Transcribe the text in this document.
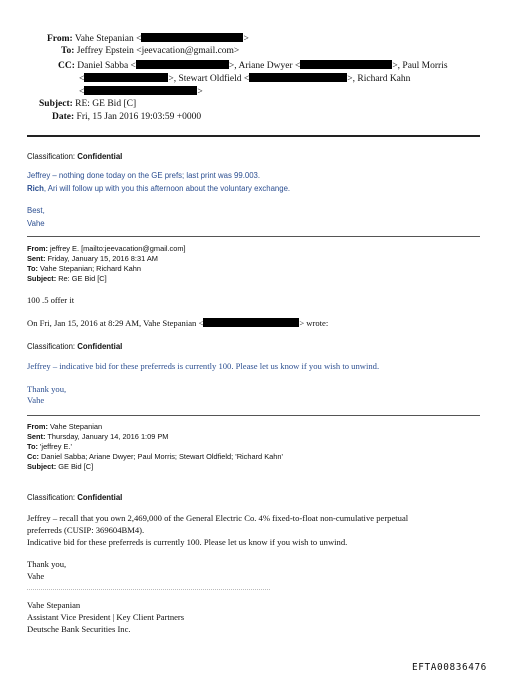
From: Vahe Stepanian <	>
To: Jeffrey Epstein <jeevacation@gmail.com>
CC: Daniel Sabba <	>, Ariane Dwyer <	>, Paul Morris
<	>, Stewart Oldfield <	>, Richard Kahn
<	>
Subject: RE: GE Bid [C]
Date: Fri, 15 Jan 2016 19:03:59 +0000
Classification: Confidential
Jeffrey – nothing done today on the GE prefs; last print was 99.003.
Rich, Ari will follow up with you this afternoon about the voluntary exchange.
Best,
Vahe
From: jeffrey E. [mailto:jeevacation@gmail.com]
Sent: Friday, January 15, 2016 8:31 AM
To: Vahe Stepanian; Richard Kahn
Subject: Re: GE Bid [C]
100 .5 offer it
On Fri, Jan 15, 2016 at 8:29 AM, Vahe Stepanian <	> wrote:
Classification: Confidential
Jeffrey – indicative bid for these preferreds is currently 100. Please let us know if you wish to unwind.
Thank you,
Vahe
From: Vahe Stepanian
Sent: Thursday, January 14, 2016 1:09 PM
To: 'jeffrey E.'
Cc: Daniel Sabba; Ariane Dwyer; Paul Morris; Stewart Oldfield; 'Richard Kahn'
Subject: GE Bid [C]
Classification: Confidential
Jeffrey – recall that you own 2,469,000 of the General Electric Co. 4% fixed-to-float non-cumulative perpetual
preferreds (CUSIP: 369604BM4).
Indicative bid for these preferreds is currently 100. Please let us know if you wish to unwind.
Thank you,
Vahe
Vahe Stepanian
Assistant Vice President | Key Client Partners
Deutsche Bank Securities Inc.
EFTA00836476
